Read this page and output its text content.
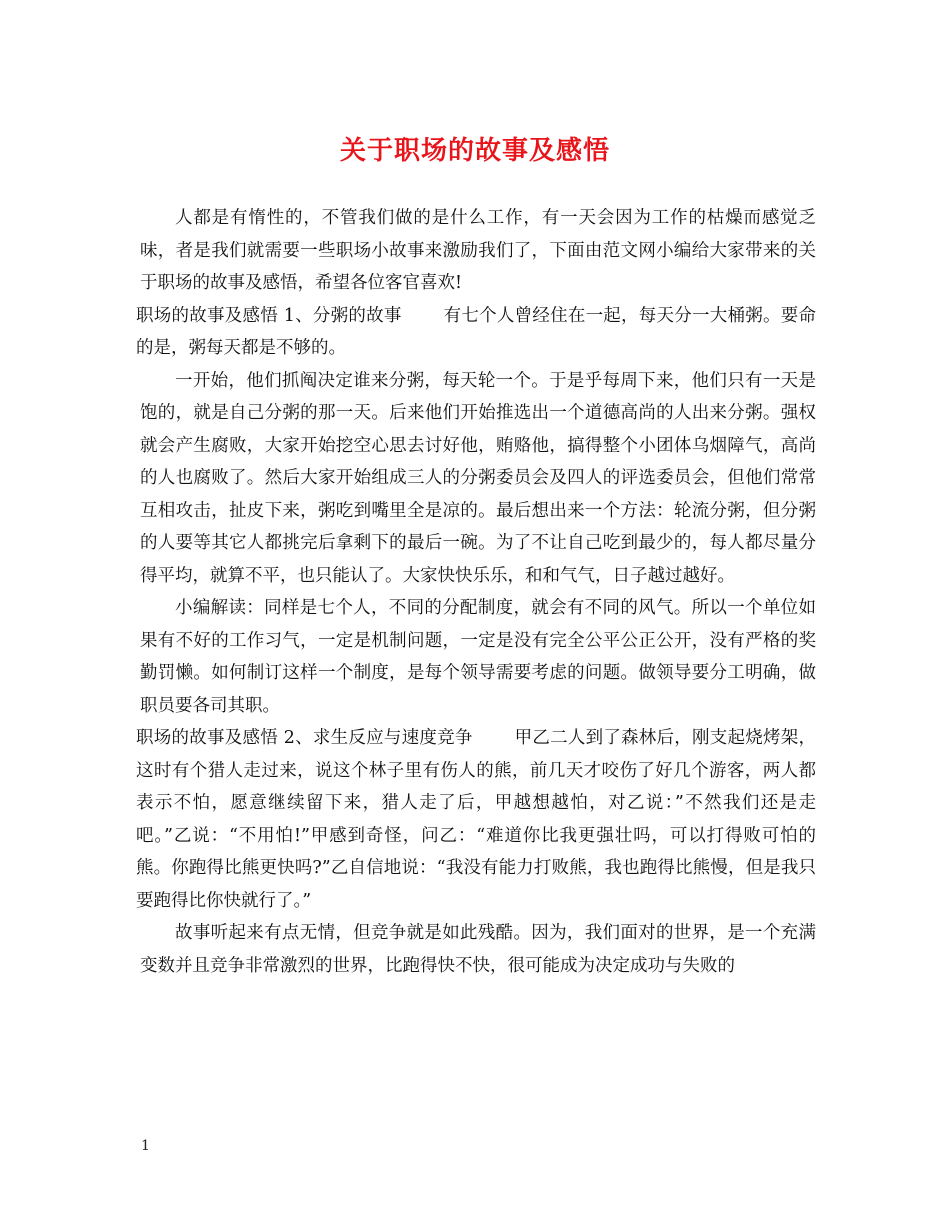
关于职场的故事及感悟

人都是有惰性的，不管我们做的是什么工作，有一天会因为工作的枯燥而感觉乏味，者是我们就需要一些职场小故事来激励我们了，下面由范文网小编给大家带来的关于职场的故事及感悟，希望各位客官喜欢!

职场的故事及感悟 1、分粥的故事 有七个人曾经住在一起，每天分一大桶粥。要命的是，粥每天都是不够的。

一开始，他们抓阄决定谁来分粥，每天轮一个。于是乎每周下来，他们只有一天是饱的，就是自己分粥的那一天。后来他们开始推选出一个道德高尚的人出来分粥。强权就会产生腐败，大家开始挖空心思去讨好他，贿赂他，搞得整个小团体乌烟障气，高尚的人也腐败了。然后大家开始组成三人的分粥委员会及四人的评选委员会，但他们常常互相攻击，扯皮下来，粥吃到嘴里全是凉的。最后想出来一个方法：轮流分粥，但分粥的人要等其它人都挑完后拿剩下的最后一碗。为了不让自己吃到最少的，每人都尽量分得平均，就算不平，也只能认了。大家快快乐乐，和和气气，日子越过越好。

小编解读：同样是七个人，不同的分配制度，就会有不同的风气。所以一个单位如果有不好的工作习气，一定是机制问题，一定是没有完全公平公正公开，没有严格的奖勤罚懒。如何制订这样一个制度，是每个领导需要考虑的问题。做领导要分工明确，做职员要各司其职。

职场的故事及感悟 2、求生反应与速度竞争 甲乙二人到了森林后，刚支起烧烤架，这时有个猎人走过来，说这个林子里有伤人的熊，前几天才咬伤了好几个游客，两人都表示不怕，愿意继续留下来，猎人走了后，甲越想越怕，对乙说：”不然我们还是走吧。”乙说：“不用怕!”甲感到奇怪，问乙：“难道你比我更强壮吗，可以打得败可怕的熊。你跑得比熊更快吗?”乙自信地说：“我没有能力打败熊，我也跑得比熊慢，但是我只要跑得比你快就行了。”

故事听起来有点无情，但竞争就是如此残酷。因为，我们面对的世界，是一个充满变数并且竞争非常激烈的世界，比跑得快不快，很可能成为决定成功与失败的

1
